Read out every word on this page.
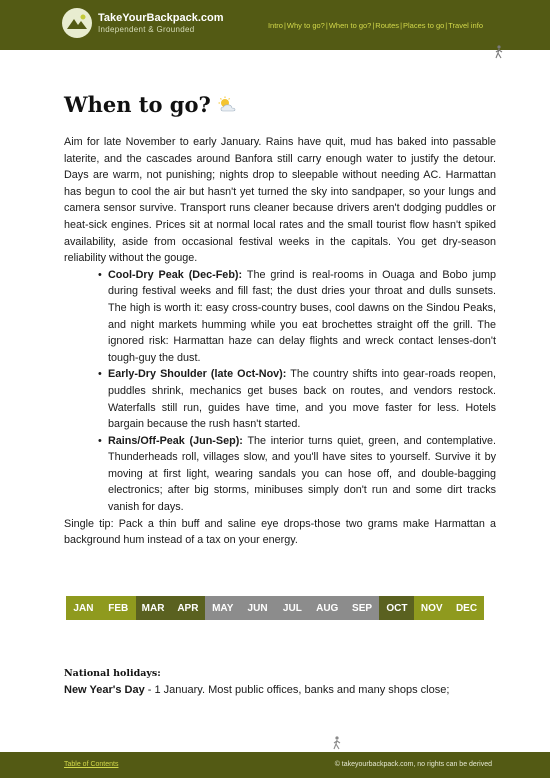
TakeYourBackpack.com
Independent & Grounded	Intro|Why to go?|When to go?|Routes|Places to go|Travel info
When to go?

Aim for late November to early January. Rains have quit, mud has baked into passable laterite, and the cascades around Banfora still carry enough water to justify the detour. Days are warm, not punishing; nights drop to sleepable without needing AC. Harmattan has begun to cool the air but hasn't yet turned the sky into sandpaper, so your lungs and camera sensor survive. Transport runs cleaner because drivers aren't dodging puddles or heat-sick engines. Prices sit at normal local rates and the small tourist flow hasn't spiked availability, aside from occasional festival weeks in the capitals. You get dry-season reliability without the gouge.

• Cool-Dry Peak (Dec-Feb): The grind is real-rooms in Ouaga and Bobo jump during festival weeks and fill fast; the dust dries your throat and dulls sunsets. The high is worth it: easy cross-country buses, cool dawns on the Sindou Peaks, and night markets humming while you eat brochettes straight off the grill. The ignored risk: Harmattan haze can delay flights and wreck contact lenses-don't tough-guy the dust.
• Early-Dry Shoulder (late Oct-Nov): The country shifts into gear-roads reopen, puddles shrink, mechanics get buses back on routes, and vendors restock. Waterfalls still run, guides have time, and you move faster for less. Hotels bargain because the rush hasn't started.
• Rains/Off-Peak (Jun-Sep): The interior turns quiet, green, and contemplative. Thunderheads roll, villages slow, and you'll have sites to yourself. Survive it by moving at first light, wearing sandals you can hose off, and double-bagging electronics; after big storms, minibuses simply don't run and some dirt tracks vanish for days.

Single tip: Pack a thin buff and saline eye drops-those two grams make Harmattan a background hum instead of a tax on your energy.

JAN	FEB	MAR	APR	MAY	JUN	JUL	AUG	SEP	OCT	NOV	DEC
National holidays:
New Year's Day - 1 January. Most public offices, banks and many shops close;
Table of Contents	© takeyourbackpack.com, no rights can be derived
